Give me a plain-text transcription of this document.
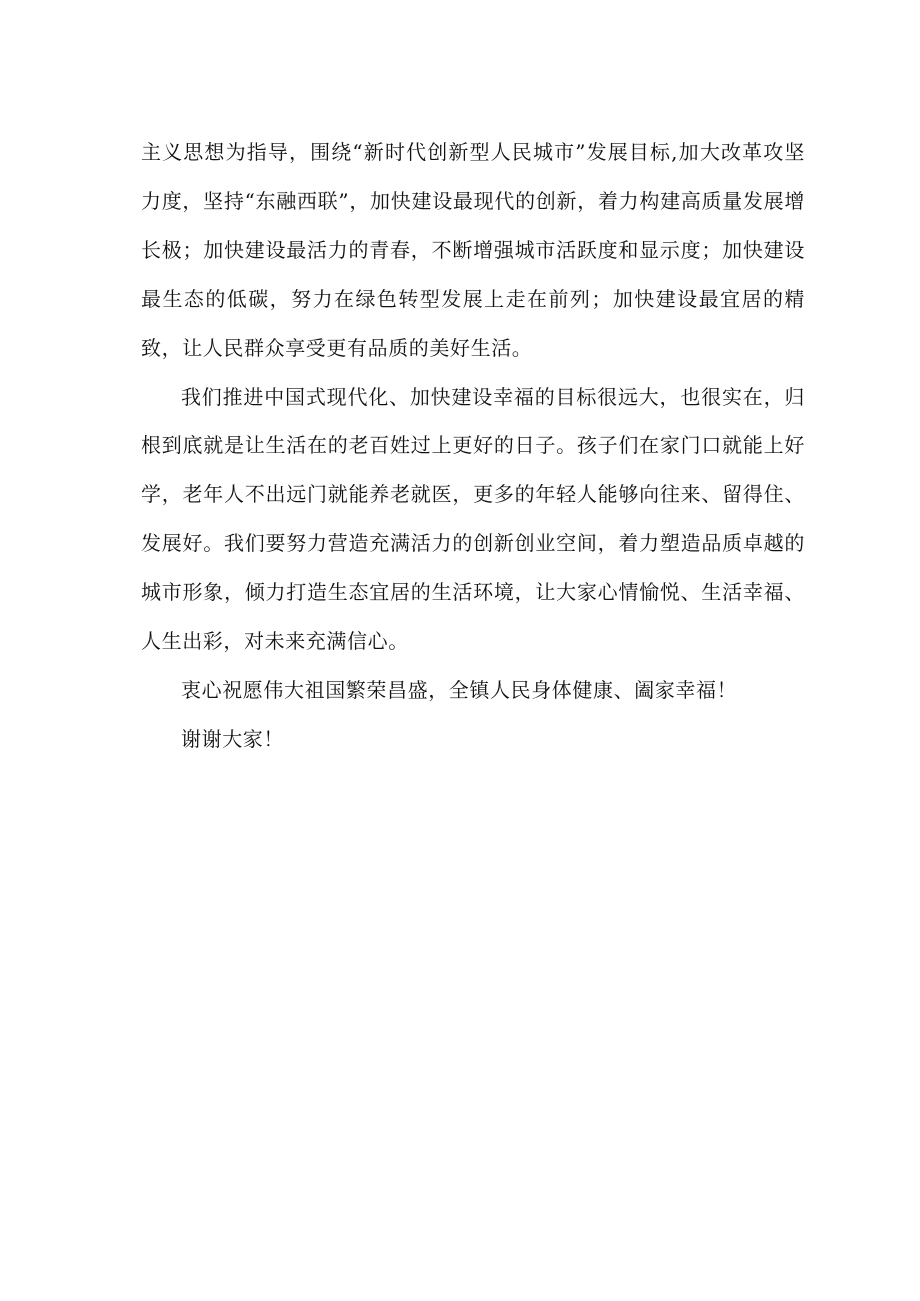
主义思想为指导，围绕“新时代创新型人民城市”发展目标,加大改革攻坚力度，坚持“东融西联”，加快建设最现代的创新，着力构建高质量发展增长极；加快建设最活力的青春，不断增强城市活跃度和显示度；加快建设最生态的低碳，努力在绿色转型发展上走在前列；加快建设最宜居的精致，让人民群众享受更有品质的美好生活。

我们推进中国式现代化、加快建设幸福的目标很远大，也很实在，归根到底就是让生活在的老百姓过上更好的日子。孩子们在家门口就能上好学，老年人不出远门就能养老就医，更多的年轻人能够向往来、留得住、发展好。我们要努力营造充满活力的创新创业空间，着力塑造品质卓越的城市形象，倾力打造生态宜居的生活环境，让大家心情愉悦、生活幸福、人生出彩，对未来充满信心。

衷心祝愿伟大祖国繁荣昌盛，全镇人民身体健康、阖家幸福！

谢谢大家！
